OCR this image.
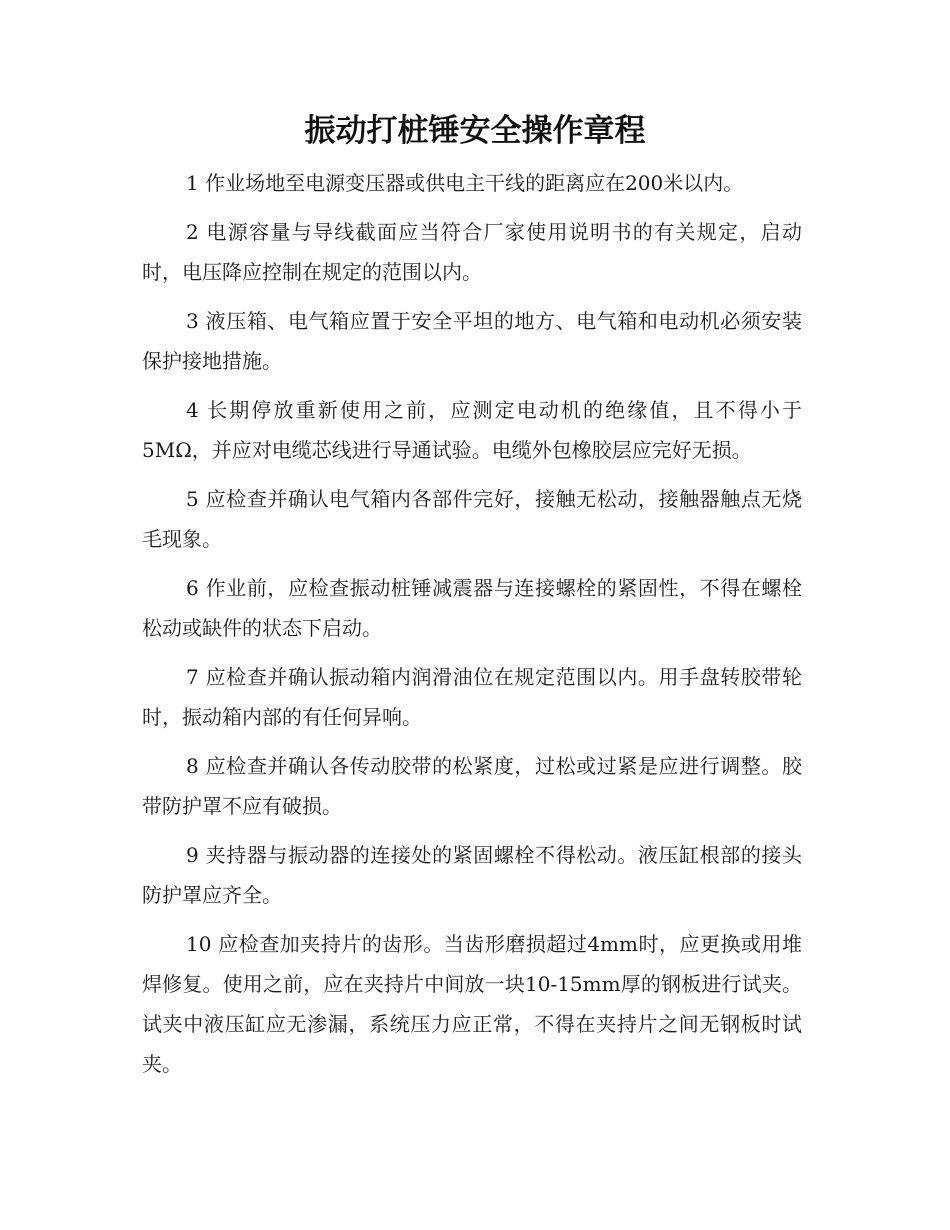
振动打桩锤安全操作章程

1 作业场地至电源变压器或供电主干线的距离应在200米以内。

2 电源容量与导线截面应当符合厂家使用说明书的有关规定，启动时，电压降应控制在规定的范围以内。

3 液压箱、电气箱应置于安全平坦的地方、电气箱和电动机必须安装保护接地措施。

4 长期停放重新使用之前，应测定电动机的绝缘值，且不得小于5MΩ，并应对电缆芯线进行导通试验。电缆外包橡胶层应完好无损。

5 应检查并确认电气箱内各部件完好，接触无松动，接触器触点无烧毛现象。

6 作业前，应检查振动桩锤减震器与连接螺栓的紧固性，不得在螺栓松动或缺件的状态下启动。

7 应检查并确认振动箱内润滑油位在规定范围以内。用手盘转胶带轮时，振动箱内部的有任何异响。

8 应检查并确认各传动胶带的松紧度，过松或过紧是应进行调整。胶带防护罩不应有破损。

9 夹持器与振动器的连接处的紧固螺栓不得松动。液压缸根部的接头防护罩应齐全。

10 应检查加夹持片的齿形。当齿形磨损超过4mm时，应更换或用堆焊修复。使用之前，应在夹持片中间放一块10-15mm厚的钢板进行试夹。试夹中液压缸应无渗漏，系统压力应正常，不得在夹持片之间无钢板时试夹。
